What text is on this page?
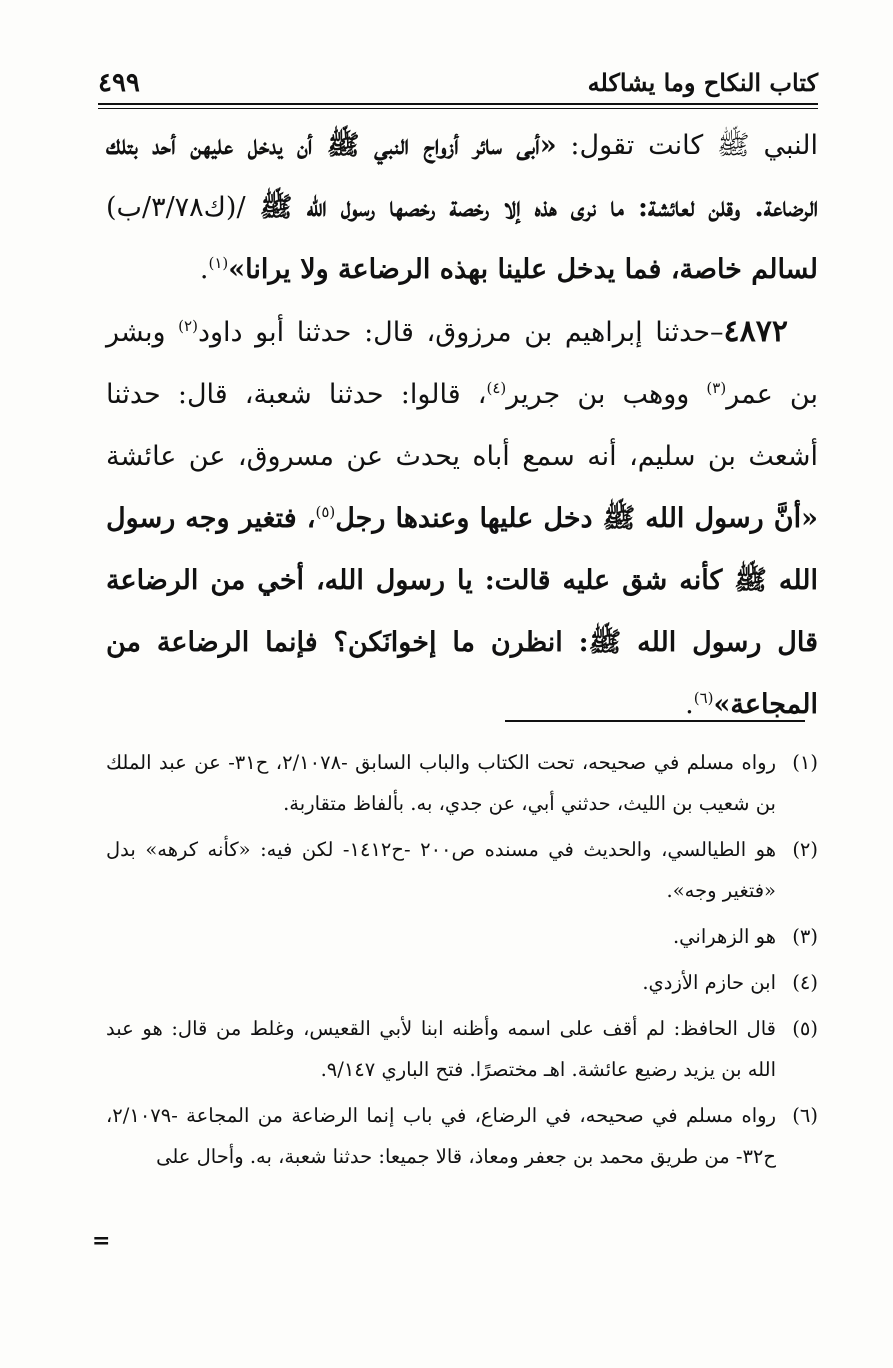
كتاب النكاح وما يشاكله
٤٩٩

النبي ﷺ كانت تقول: «أبى سائر أزواج النبي ﷺ أن يدخل عليهن أحد بتلك الرضاعة. وقلن لعائشة: ما نرى هذه إلا رخصة رخصها رسول الله ﷺ /(ك٣/٧٨/ب) لسالم خاصة، فما يدخل علينا بهذه الرضاعة ولا يرانا»$^{(١)}$.

٤٨٧٢–حدثنا إبراهيم بن مرزوق، قال: حدثنا أبو داود$^{(٢)}$ وبشر بن عمر$^{(٣)}$ ووهب بن جرير$^{(٤)}$، قالوا: حدثنا شعبة، قال: حدثنا أشعث بن سليم، أنه سمع أباه يحدث عن مسروق، عن عائشة «أنَّ رسول الله ﷺ دخل عليها وعندها رجل$^{(٥)}$، فتغير وجه رسول الله ﷺ كأنه شق عليه قالت: يا رسول الله، أخي من الرضاعة قال رسول الله ﷺ: انظرن ما إخوانَكن؟ فإنما الرضاعة من المجاعة»$^{(٦)}$.

(١)رواه مسلم في صحيحه، تحت الكتاب والباب السابق -٢/١٠٧٨، ح٣١- عن عبد الملك بن شعيب بن الليث، حدثني أبي، عن جدي، به. بألفاظ متقاربة.

(٢)هو الطيالسي، والحديث في مسنده ص٢٠٠ -ح١٤١٢- لكن فيه: «كأنه كرهه» بدل «فتغير وجه».

(٣)هو الزهراني.

(٤)ابن حازم الأزدي.

(٥)قال الحافظ: لم أقف على اسمه وأظنه ابنا لأبي القعيس، وغلط من قال: هو عبد الله بن يزيد رضيع عائشة. اهـ مختصرًا. فتح الباري ٩/١٤٧.

(٦)رواه مسلم في صحيحه، في الرضاع، في باب إنما الرضاعة من المجاعة -٢/١٠٧٩، ح٣٢- من طريق محمد بن جعفر ومعاذ، قالا جميعا: حدثنا شعبة، به. وأحال على

=
